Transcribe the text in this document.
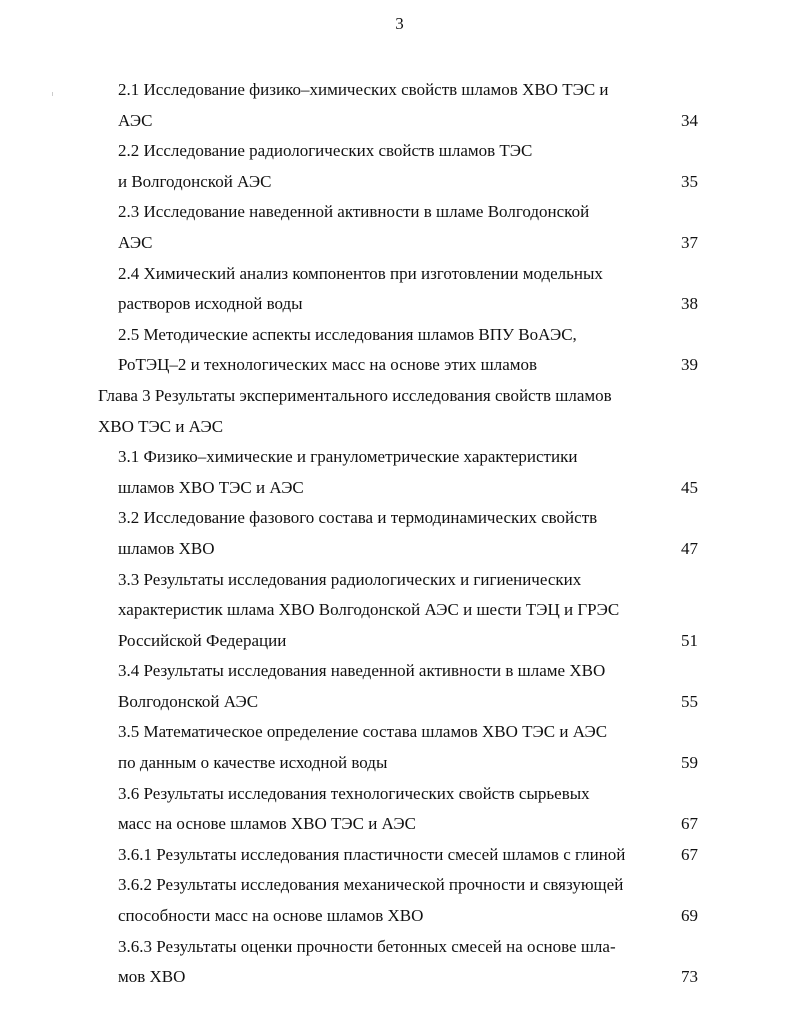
3
2.1 Исследование физико–химических свойств шламов ХВО ТЭС и
АЭС	34
2.2 Исследование радиологических свойств шламов ТЭС
и Волгодонской АЭС	35
2.3 Исследование наведенной активности в шламе Волгодонской
АЭС	37
2.4 Химический анализ компонентов при изготовлении модельных
растворов исходной воды	38
2.5 Методические аспекты исследования шламов ВПУ ВоАЭС,
РоТЭЦ–2 и технологических масс на основе этих шламов	39
Глава 3 Результаты экспериментального исследования свойств шламов
ХВО ТЭС и АЭС
3.1 Физико–химические и гранулометрические характеристики
шламов ХВО ТЭС и АЭС	45
3.2 Исследование фазового состава и термодинамических свойств
шламов ХВО	47
3.3 Результаты исследования радиологических и гигиенических
характеристик шлама ХВО Волгодонской АЭС и шести ТЭЦ и ГРЭС
Российской Федерации	51
3.4 Результаты исследования наведенной активности в шламе ХВО
Волгодонской АЭС	55
3.5 Математическое определение состава шламов ХВО ТЭС и АЭС
по данным о качестве исходной воды	59
3.6 Результаты исследования технологических свойств сырьевых
масс на основе шламов ХВО ТЭС и АЭС	67
3.6.1 Результаты исследования пластичности смесей шламов с глиной	67
3.6.2 Результаты исследования механической прочности и связующей
способности масс на основе шламов ХВО	69
3.6.3 Результаты оценки прочности бетонных смесей на основе шла-
мов ХВО	73
